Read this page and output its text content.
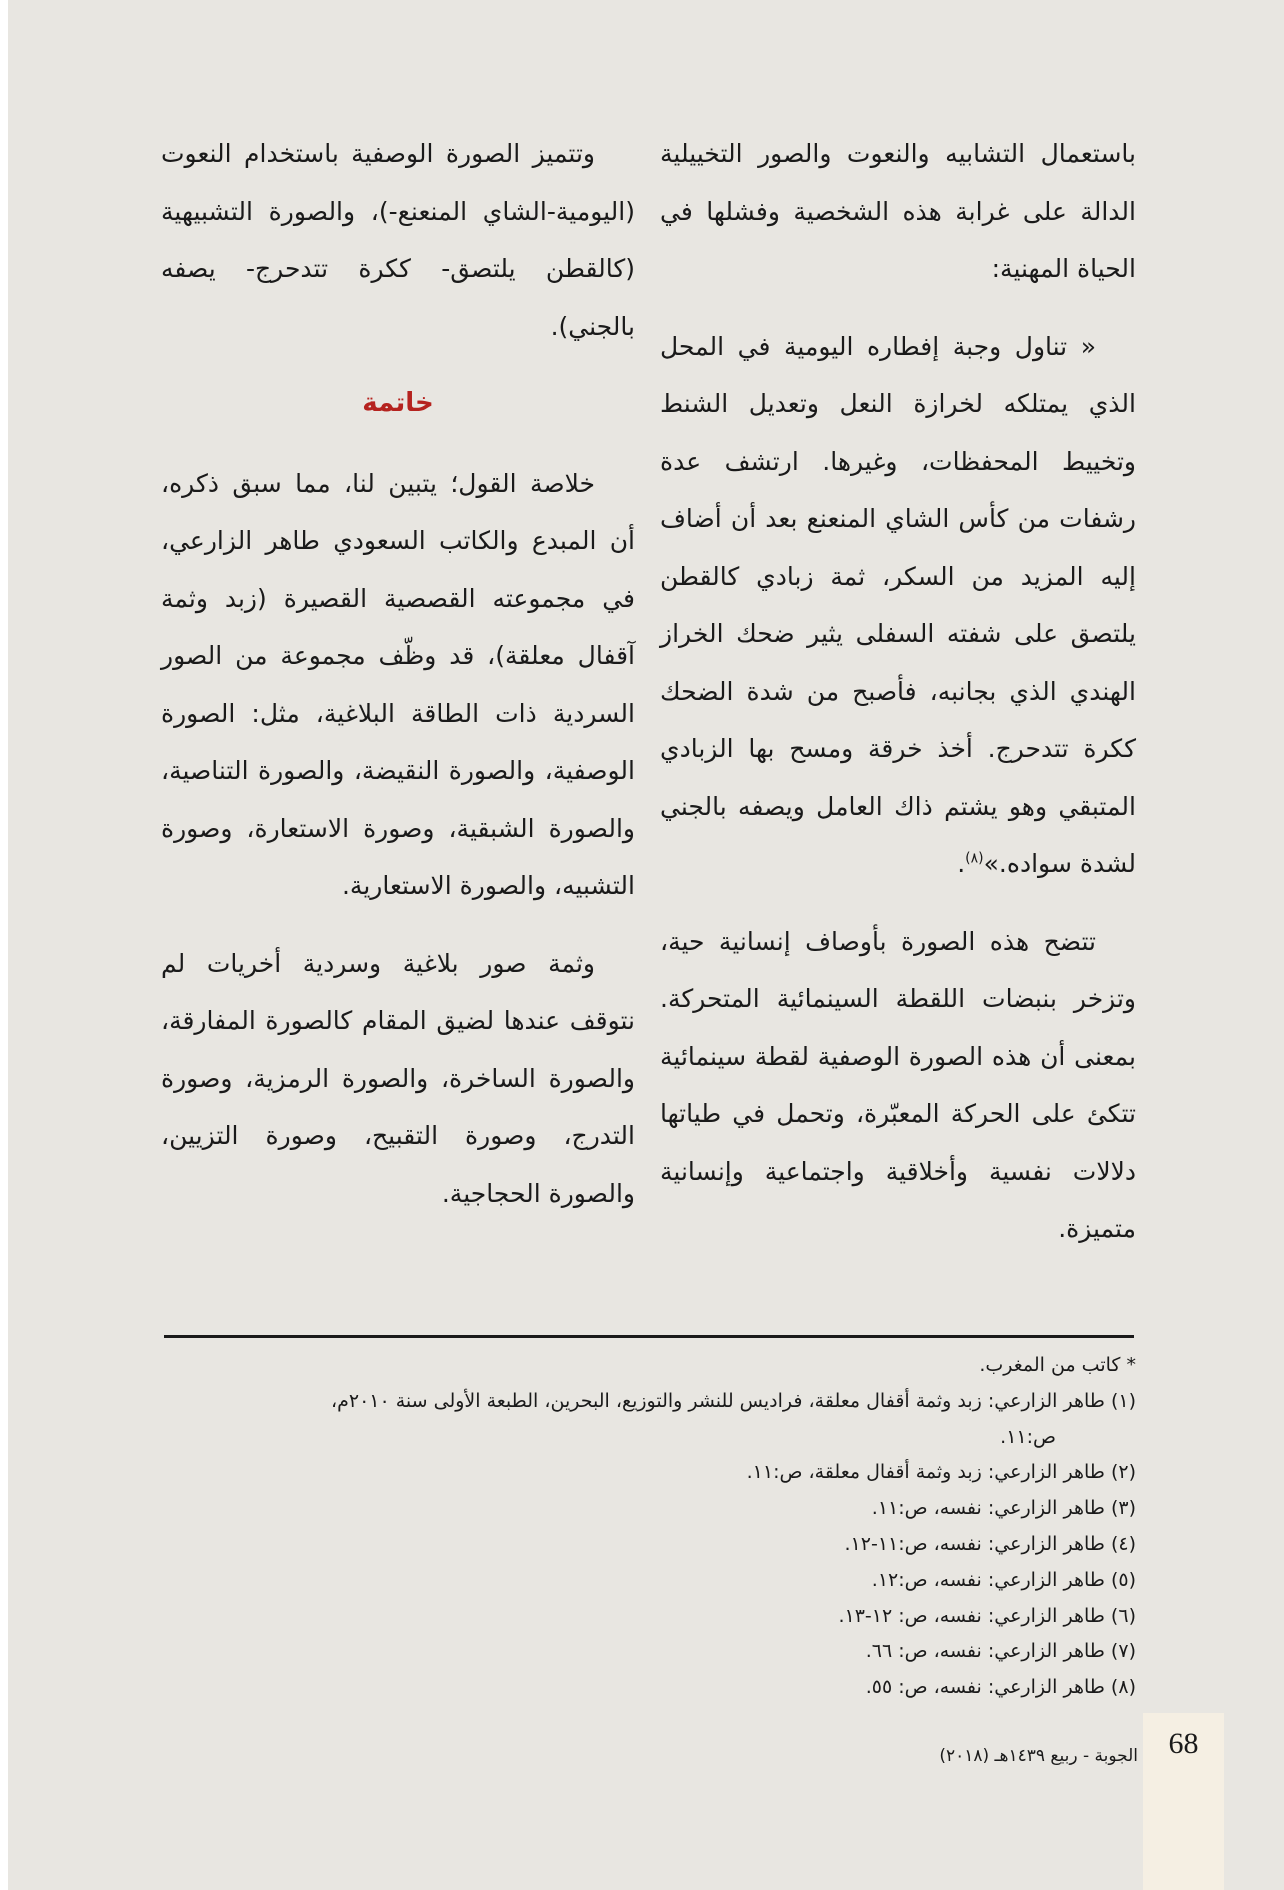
باستعمال التشابيه والنعوت والصور التخييلية الدالة على غرابة هذه الشخصية وفشلها في الحياة المهنية:

« تناول وجبة إفطاره اليومية في المحل الذي يمتلكه لخرازة النعل وتعديل الشنط وتخييط المحفظات، وغيرها. ارتشف عدة رشفات من كأس الشاي المنعنع بعد أن أضاف إليه المزيد من السكر، ثمة زبادي كالقطن يلتصق على شفته السفلى يثير ضحك الخراز الهندي الذي بجانبه، فأصبح من شدة الضحك ككرة تتدحرج. أخذ خرقة ومسح بها الزبادي المتبقي وهو يشتم ذاك العامل ويصفه بالجني لشدة سواده.»$^{(٨)}$.

تتضح هذه الصورة بأوصاف إنسانية حية، وتزخر بنبضات اللقطة السينمائية المتحركة. بمعنى أن هذه الصورة الوصفية لقطة سينمائية تتكئ على الحركة المعبّرة، وتحمل في طياتها دلالات نفسية وأخلاقية واجتماعية وإنسانية متميزة.

وتتميز الصورة الوصفية باستخدام النعوت (اليومية-الشاي المنعنع-)، والصورة التشبيهية (كالقطن يلتصق- ككرة تتدحرج- يصفه بالجني).

خاتمة

خلاصة القول؛ يتبين لنا، مما سبق ذكره، أن المبدع والكاتب السعودي طاهر الزارعي، في مجموعته القصصية القصيرة (زبد وثمة آقفال معلقة)، قد وظّف مجموعة من الصور السردية ذات الطاقة البلاغية، مثل: الصورة الوصفية، والصورة النقيضة، والصورة التناصية، والصورة الشبقية، وصورة الاستعارة، وصورة التشبيه، والصورة الاستعارية.

وثمة صور بلاغية وسردية أخريات لم نتوقف عندها لضيق المقام كالصورة المفارقة، والصورة الساخرة، والصورة الرمزية، وصورة التدرج، وصورة التقبيح، وصورة التزيين، والصورة الحجاجية.

* كاتب من المغرب.

(١) طاهر الزارعي: زبد وثمة أقفال معلقة، فراديس للنشر والتوزيع، البحرين، الطبعة الأولى سنة ٢٠١٠م،

ص:١١.

(٢) طاهر الزارعي: زبد وثمة أقفال معلقة، ص:١١.

(٣) طاهر الزارعي: نفسه، ص:١١.

(٤) طاهر الزارعي: نفسه، ص:١١-١٢.

(٥) طاهر الزارعي: نفسه، ص:١٢.

(٦) طاهر الزارعي: نفسه، ص: ١٢-١٣.

(٧) طاهر الزارعي: نفسه، ص: ٦٦.

(٨) طاهر الزارعي: نفسه، ص: ٥٥.

الجوبة - ربيع ١٤٣٩هـ (٢٠١٨)	68
